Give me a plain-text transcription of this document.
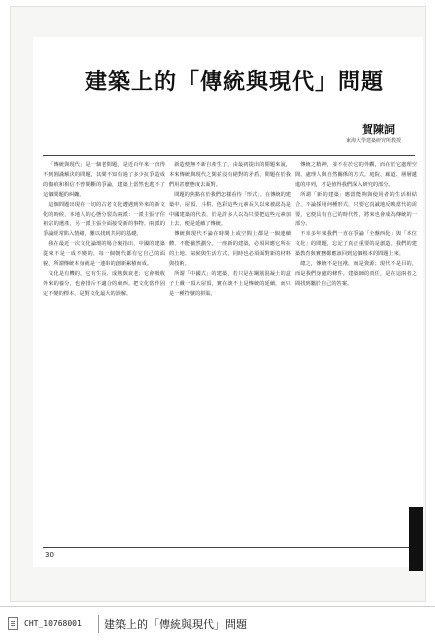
建築上的「傳統與現代」問題
賀陳詞
東海大學建築研究所教授

「傳統與現代」是一個老問題，是近百年來一直得不到圓滿解決的問題，其間不知有過了多少抗爭造成的傷痕和相信不曾間斷的爭論，建築上當然也逃不了這個問題的糾纏。

這個問題出現在一切的古老文化遭遇到外來的新文化的時候，本地人的心態分裂為兩派：一派主張守住祖宗的遺產，另一派主張全面接受新的事物。兩派的爭論經常陷入情緒，難以找到共同的基礎。

我在最近一次文化論壇的場合裏指出，中國的建築從來不是一成不變的，每一個朝代都有它自己的面貌，所謂傳統本身就是一連串的創新累積而成。

文化是有機的，它有生長、成熟與衰老；它會吸收外來的養分，也會排斥不適合的東西。把文化當作固定不變的標本，是對文化最大的誤解。

新造便無不新自產生了。由最初提出的問題來說，本來傳統與現代之間並沒有絕對的矛盾，問題在於我們用甚麼態度去面對。

問題的焦點在於我們怎樣看待「形式」。在傳統的建築中，屋頂、斗栱、色彩這些元素長久以來被認為是中國建築的代表，於是許多人以為只要把這些元素加上去，便是延續了傳統。

傳統與現代不論在時間上或空間上都是一個連續體，不能截然劃分。一座新的建築，必須回應它所在的土地、氣候與生活方式，同時也必須面對新的材料與技術。

所謂「中國式」的建築，若只是在鋼筋混凝土的盒子上戴一頂大屋頂，實在談不上是傳統的延續，而只是一種符號的拼貼。

傳統之精神，並不在於它的外觀，而在於它處理空間、處理人與自然關係的方式。庭院、廊道、層層遞進的序列，才是值得我們深入研究的部分。

所謂「新的建築」應當能夠與使用者的生活相結合，不論採用何種形式，只要它真誠地反映當代的需要，它便具有自己的時代性，將來也會成為傳統的一部分。

不幸多年來我們一直在爭論「全盤西化」與「本位文化」的問題，忘記了真正重要的是創造。我們的建築教育與實務都應該回到這個根本的問題上來。

總之，傳統不是包袱，而是資源；現代不是目的，而是我們身處的條件。建築師的責任，是在這兩者之間找到屬於自己的答案。

30
CHT_10768001 建築上的「傳統與現代」問題
